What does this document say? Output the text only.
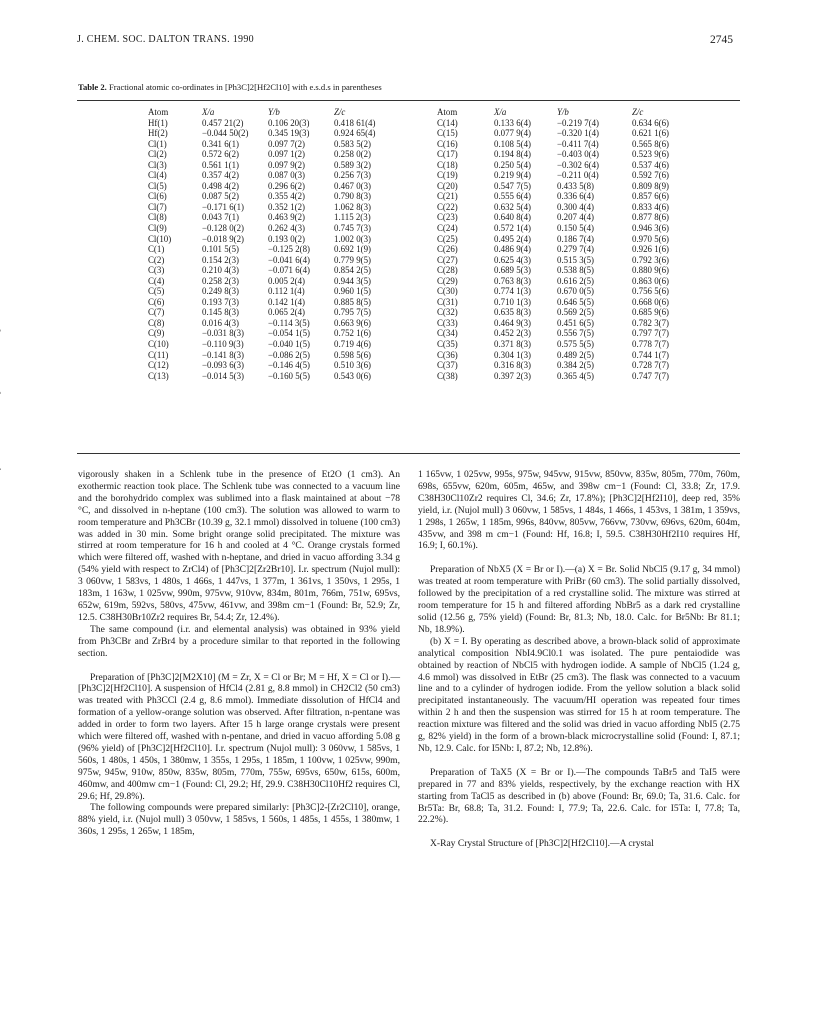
J. CHEM. SOC. DALTON TRANS. 1990	2745
Table 2. Fractional atomic co-ordinates in [Ph3C]2[Hf2Cl10] with e.s.d.s in parentheses
Atom	X/a	Y/b	Z/c
Hf(1)	0.457 21(2)	0.106 20(3)	0.418 61(4)
Hf(2)	−0.044 50(2)	0.345 19(3)	0.924 65(4)
Cl(1)	0.341 6(1)	0.097 7(2)	0.583 5(2)
Cl(2)	0.572 6(2)	0.097 1(2)	0.258 0(2)
Cl(3)	0.561 1(1)	0.097 9(2)	0.589 3(2)
Cl(4)	0.357 4(2)	0.087 0(3)	0.256 7(3)
Cl(5)	0.498 4(2)	0.296 6(2)	0.467 0(3)
Cl(6)	0.087 5(2)	0.355 4(2)	0.790 8(3)
Cl(7)	−0.171 6(1)	0.352 1(2)	1.062 8(3)
Cl(8)	0.043 7(1)	0.463 9(2)	1.115 2(3)
Cl(9)	−0.128 0(2)	0.262 4(3)	0.745 7(3)
Cl(10)	−0.018 9(2)	0.193 0(2)	1.002 0(3)
C(1)	0.101 5(5)	−0.125 2(8)	0.692 1(9)
C(2)	0.154 2(3)	−0.041 6(4)	0.779 9(5)
C(3)	0.210 4(3)	−0.071 6(4)	0.854 2(5)
C(4)	0.258 2(3)	0.005 2(4)	0.944 3(5)
C(5)	0.249 8(3)	0.112 1(4)	0.960 1(5)
C(6)	0.193 7(3)	0.142 1(4)	0.885 8(5)
C(7)	0.145 8(3)	0.065 2(4)	0.795 7(5)
C(8)	0.016 4(3)	−0.114 3(5)	0.663 9(6)
C(9)	−0.031 8(3)	−0.054 1(5)	0.752 1(6)
C(10)	−0.110 9(3)	−0.040 1(5)	0.719 4(6)
C(11)	−0.141 8(3)	−0.086 2(5)	0.598 5(6)
C(12)	−0.093 6(3)	−0.146 4(5)	0.510 3(6)
C(13)	−0.014 5(3)	−0.160 5(5)	0.543 0(6)
Atom	X/a	Y/b	Z/c
C(14)	0.133 6(4)	−0.219 7(4)	0.634 6(6)
C(15)	0.077 9(4)	−0.320 1(4)	0.621 1(6)
C(16)	0.108 5(4)	−0.411 7(4)	0.565 8(6)
C(17)	0.194 8(4)	−0.403 0(4)	0.523 9(6)
C(18)	0.250 5(4)	−0.302 6(4)	0.537 4(6)
C(19)	0.219 9(4)	−0.211 0(4)	0.592 7(6)
C(20)	0.547 7(5)	0.433 5(8)	0.809 8(9)
C(21)	0.555 6(4)	0.336 6(4)	0.857 6(6)
C(22)	0.632 5(4)	0.300 4(4)	0.833 4(6)
C(23)	0.640 8(4)	0.207 4(4)	0.877 8(6)
C(24)	0.572 1(4)	0.150 5(4)	0.946 3(6)
C(25)	0.495 2(4)	0.186 7(4)	0.970 5(6)
C(26)	0.486 9(4)	0.279 7(4)	0.926 1(6)
C(27)	0.625 4(3)	0.515 3(5)	0.792 3(6)
C(28)	0.689 5(3)	0.538 8(5)	0.880 9(6)
C(29)	0.763 8(3)	0.616 2(5)	0.863 0(6)
C(30)	0.774 1(3)	0.670 0(5)	0.756 5(6)
C(31)	0.710 1(3)	0.646 5(5)	0.668 0(6)
C(32)	0.635 8(3)	0.569 2(5)	0.685 9(6)
C(33)	0.464 9(3)	0.451 6(5)	0.782 3(7)
C(34)	0.452 2(3)	0.556 7(5)	0.797 7(7)
C(35)	0.371 8(3)	0.575 5(5)	0.778 7(7)
C(36)	0.304 1(3)	0.489 2(5)	0.744 1(7)
C(37)	0.316 8(3)	0.384 2(5)	0.728 7(7)
C(38)	0.397 2(3)	0.365 4(5)	0.747 7(7)

vigorously shaken in a Schlenk tube in the presence of Et2O (1 cm3). An exothermic reaction took place. The Schlenk tube was connected to a vacuum line and the borohydrido complex was sublimed into a flask maintained at about −78 °C, and dissolved in n-heptane (100 cm3). The solution was allowed to warm to room temperature and Ph3CBr (10.39 g, 32.1 mmol) dissolved in toluene (100 cm3) was added in 30 min. Some bright orange solid precipitated. The mixture was stirred at room temperature for 16 h and cooled at 4 °C. Orange crystals formed which were filtered off, washed with n-heptane, and dried in vacuo affording 3.34 g (54% yield with respect to ZrCl4) of [Ph3C]2[Zr2Br10]. I.r. spectrum (Nujol mull): 3 060vw, 1 583vs, 1 480s, 1 466s, 1 447vs, 1 377m, 1 361vs, 1 350vs, 1 295s, 1 183m, 1 163w, 1 025vw, 990m, 975vw, 910vw, 834m, 801m, 766m, 751w, 695vs, 652w, 619m, 592vs, 580vs, 475vw, 461vw, and 398m cm−1 (Found: Br, 52.9; Zr, 12.5. C38H30Br10Zr2 requires Br, 54.4; Zr, 12.4%).

The same compound (i.r. and elemental analysis) was obtained in 93% yield from Ph3CBr and ZrBr4 by a procedure similar to that reported in the following section.

Preparation of [Ph3C]2[M2X10] (M = Zr, X = Cl or Br; M = Hf, X = Cl or I).—[Ph3C]2[Hf2Cl10]. A suspension of HfCl4 (2.81 g, 8.8 mmol) in CH2Cl2 (50 cm3) was treated with Ph3CCl (2.4 g, 8.6 mmol). Immediate dissolution of HfCl4 and formation of a yellow-orange solution was observed. After filtration, n-pentane was added in order to form two layers. After 15 h large orange crystals were present which were filtered off, washed with n-pentane, and dried in vacuo affording 5.08 g (96% yield) of [Ph3C]2[Hf2Cl10]. I.r. spectrum (Nujol mull): 3 060vw, 1 585vs, 1 560s, 1 480s, 1 450s, 1 380mw, 1 355s, 1 295s, 1 185m, 1 100vw, 1 025vw, 990m, 975w, 945w, 910w, 850w, 835w, 805m, 770m, 755w, 695vs, 650w, 615s, 600m, 460mw, and 400mw cm−1 (Found: Cl, 29.2; Hf, 29.9. C38H30Cl10Hf2 requires Cl, 29.6; Hf, 29.8%).

The following compounds were prepared similarly: [Ph3C]2-[Zr2Cl10], orange, 88% yield, i.r. (Nujol mull) 3 050vw, 1 585vs, 1 560s, 1 485s, 1 455s, 1 380mw, 1 360s, 1 295s, 1 265w, 1 185m,

1 165vw, 1 025vw, 995s, 975w, 945vw, 915vw, 850vw, 835w, 805m, 770m, 760m, 698s, 655vw, 620m, 605m, 465w, and 398w cm−1 (Found: Cl, 33.8; Zr, 17.9. C38H30Cl10Zr2 requires Cl, 34.6; Zr, 17.8%); [Ph3C]2[Hf2I10], deep red, 35% yield, i.r. (Nujol mull) 3 060vw, 1 585vs, 1 484s, 1 466s, 1 453vs, 1 381m, 1 359vs, 1 298s, 1 265w, 1 185m, 996s, 840vw, 805vw, 766vw, 730vw, 696vs, 620m, 604m, 435vw, and 398 m cm−1 (Found: Hf, 16.8; I, 59.5. C38H30Hf2I10 requires Hf, 16.9; I, 60.1%).

Preparation of NbX5 (X = Br or I).—(a) X = Br. Solid NbCl5 (9.17 g, 34 mmol) was treated at room temperature with PriBr (60 cm3). The solid partially dissolved, followed by the precipitation of a red crystalline solid. The mixture was stirred at room temperature for 15 h and filtered affording NbBr5 as a dark red crystalline solid (12.56 g, 75% yield) (Found: Br, 81.3; Nb, 18.0. Calc. for Br5Nb: Br 81.1; Nb, 18.9%).

(b) X = I. By operating as described above, a brown-black solid of approximate analytical composition NbI4.9Cl0.1 was isolated. The pure pentaiodide was obtained by reaction of NbCl5 with hydrogen iodide. A sample of NbCl5 (1.24 g, 4.6 mmol) was dissolved in EtBr (25 cm3). The flask was connected to a vacuum line and to a cylinder of hydrogen iodide. From the yellow solution a black solid precipitated instantaneously. The vacuum/HI operation was repeated four times within 2 h and then the suspension was stirred for 15 h at room temperature. The reaction mixture was filtered and the solid was dried in vacuo affording NbI5 (2.75 g, 82% yield) in the form of a brown-black microcrystalline solid (Found: I, 87.1; Nb, 12.9. Calc. for I5Nb: I, 87.2; Nb, 12.8%).

Preparation of TaX5 (X = Br or I).—The compounds TaBr5 and TaI5 were prepared in 77 and 83% yields, respectively, by the exchange reaction with HX starting from TaCl5 as described in (b) above (Found: Br, 69.0; Ta, 31.6. Calc. for Br5Ta: Br, 68.8; Ta, 31.2. Found: I, 77.9; Ta, 22.6. Calc. for I5Ta: I, 77.8; Ta, 22.2%).

X-Ray Crystal Structure of [Ph3C]2[Hf2Cl10].—A crystal
